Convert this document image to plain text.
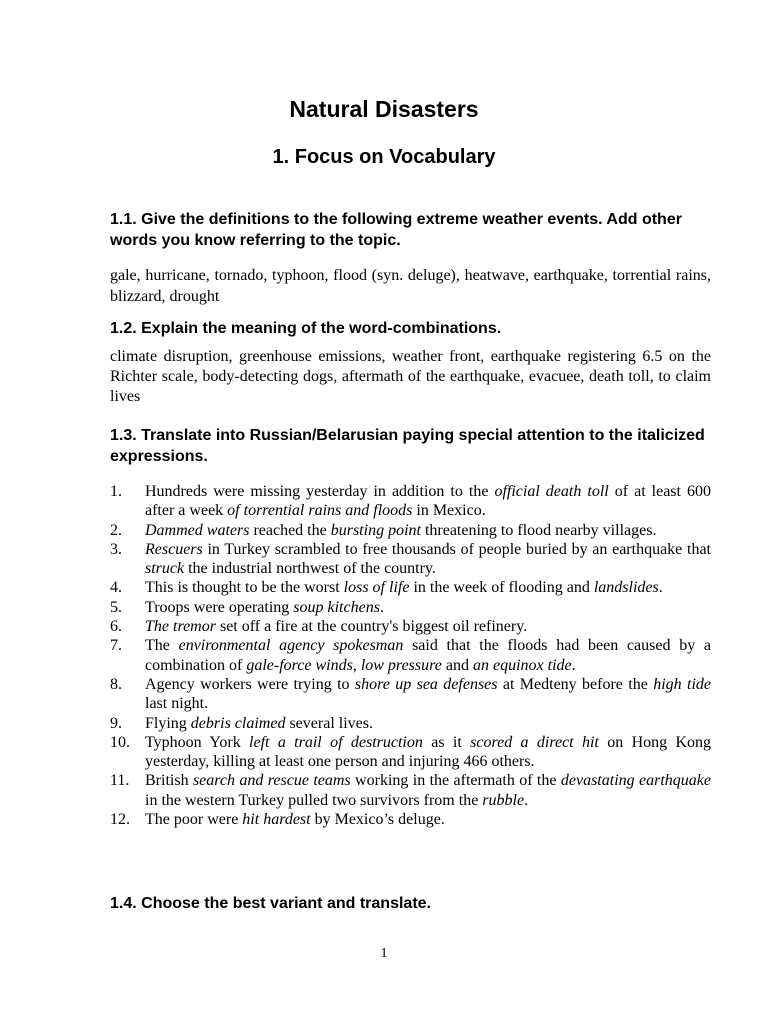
Natural Disasters
1. Focus on Vocabulary

1.1. Give the definitions to the following extreme weather events. Add other words you know referring to the topic.

gale, hurricane, tornado, typhoon, flood (syn. deluge), heatwave, earthquake, torrential rains, blizzard, drought

1.2. Explain the meaning of the word-combinations.

climate disruption, greenhouse emissions, weather front, earthquake registering 6.5 on the Richter scale, body-detecting dogs, aftermath of the earthquake, evacuee, death toll, to claim lives

1.3. Translate into Russian/Belarusian paying special attention to the italicized expressions.

1.	Hundreds were missing yesterday in addition to the official death toll of at least 600 after a week of torrential rains and floods in Mexico.
2.	Dammed waters reached the bursting point threatening to flood nearby villages.
3.	Rescuers in Turkey scrambled to free thousands of people buried by an earthquake that struck the industrial northwest of the country.
4.	This is thought to be the worst loss of life in the week of flooding and landslides.
5.	Troops were operating soup kitchens.
6.	The tremor set off a fire at the country's biggest oil refinery.
7.	The environmental agency spokesman said that the floods had been caused by a combination of gale-force winds, low pressure and an equinox tide.
8.	Agency workers were trying to shore up sea defenses at Medteny before the high tide last night.
9.	Flying debris claimed several lives.
10. Typhoon York left a trail of destruction as it scored a direct hit on Hong Kong yesterday, killing at least one person and injuring 466 others.
11. British search and rescue teams working in the aftermath of the devastating earthquake in the western Turkey pulled two survivors from the rubble.
12. The poor were hit hardest by Mexico’s deluge.

1.4. Choose the best variant and translate.

1
